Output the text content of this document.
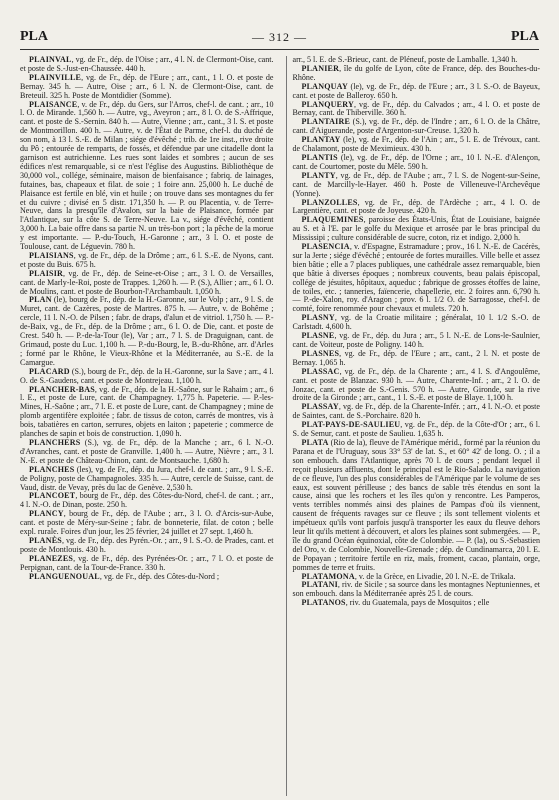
PLA	— 312 —	PLA

PLAINVAL, vg. de Fr., dép. de l'Oise ; arr., 4 l. N. de Clermont-Oise, cant. et poste de S.-Just-en-Chaussée. 440 h.

PLAINVILLE, vg. de Fr., dép. de l'Eure ; arr., cant., 1 l. O. et poste de Bernay. 345 h. — Autre, Oise ; arr., 6 l. N. de Clermont-Oise, cant. de Breteuil. 325 h. Poste de Montdidier (Somme).

PLAISANCE, v. de Fr., dép. du Gers, sur l'Arros, chef-l. de cant. ; arr., 10 l. O. de Mirande. 1,560 h. — Autre, vg., Aveyron ; arr., 8 l. O. de S.-Affrique, cant. et poste de S.-Sernin. 840 h. — Autre, Vienne ; arr., cant., 3 l. S. et poste de Montmorillon. 400 h. — Autre, v. de l'État de Parme, chef-l. du duché de son nom, à 13 l. S.-E. de Milan ; siége d'évêché ; trib. de 1re inst., rive droite du Pô ; entourée de remparts, de fossés, et défendue par une citadelle dont la garnison est autrichienne. Les rues sont laides et sombres ; aucun de ses édifices n'est remarquable, si ce n'est l'église des Augustins. Bibliothèque de 30,000 vol., collége, séminaire, maison de bienfaisance ; fabriq. de lainages, futaines, bas, chapeaux et filat. de soie ; 1 foire ann. 25,000 h. Le duché de Plaisance est fertile en blé, vin et huile ; on trouve dans ses montagnes du fer et du cuivre ; divisé en 5 distr. 171,350 h. — P. ou Placentia, v. de Terre-Neuve, dans la presqu'île d'Avalon, sur la baie de Plaisance, formée par l'Atlantique, sur la côte S. de Terre-Neuve. La v., siége d'évêché, contient 3,000 h. La baie offre dans sa partie N. un très-bon port ; la pêche de la morue y est importante. — P.-du-Touch, H.-Garonne ; arr., 3 l. O. et poste de Toulouse, cant. de Léguevin. 780 h.

PLAISIANS, vg. de Fr., dép. de la Drôme ; arr., 6 l. S.-E. de Nyons, cant. et poste du Buis. 675 h.

PLAISIR, vg. de Fr., dép. de Seine-et-Oise ; arr., 3 l. O. de Versailles, cant. de Marly-le-Roi, poste de Trappes. 1,260 h. — P. (S.), Allier ; arr., 6 l. O. de Moulins, cant. et poste de Bourbon-l'Archambault. 1,050 h.

PLAN (le), bourg de Fr., dép. de la H.-Garonne, sur le Volp ; arr., 9 l. S. de Muret, cant. de Cazères, poste de Martres. 875 h. — Autre, v. de Bohême ; cercle, 11 l. N.-O. de Pilsen ; fabr. de draps, d'alun et de vitriol. 1,750 h. — P.-de-Baix, vg., de Fr., dép. de la Drôme ; arr., 6 l. O. de Die, cant. et poste de Crest. 540 h. — P.-de-la-Tour (le), Var ; arr., 7 l. S. de Draguignan, cant. de Grimaud, poste du Luc. 1,100 h. — P.-du-Bourg, le, B.-du-Rhône, arr. d'Arles ; formé par le Rhône, le Vieux-Rhône et la Méditerranée, au S.-E. de la Camargue.

PLACARD (S.), bourg de Fr., dép. de la H.-Garonne, sur la Save ; arr., 4 l. O. de S.-Gaudens, cant. et poste de Montrejeau. 1,100 h.

PLANCHER-BAS, vg. de Fr., dép. de la H.-Saône, sur le Rahaim ; arr., 6 l. E., et poste de Lure, cant. de Champagney. 1,775 h. Papeterie. — P.-les-Mines, H.-Saône ; arr., 7 l. E. et poste de Lure, cant. de Champagney ; mine de plomb argentifère exploitée ; fabr. de tissus de coton, carrés de montres, vis à bois, tabatières en carton, serrures, objets en laiton ; papeterie ; commerce de planches de sapin et bois de construction. 1,090 h.

PLANCHERS (S.), vg. de Fr., dép. de la Manche ; arr., 6 l. N.-O. d'Avranches, cant. et poste de Granville. 1,400 h. — Autre, Nièvre ; arr., 3 l. N.-E. et poste de Château-Chinon, cant. de Montsauche. 1,680 h.

PLANCHES (les), vg. de Fr., dép. du Jura, chef-l. de cant. ; arr., 9 l. S.-E. de Poligny, poste de Champagnoles. 335 h. — Autre, cercle de Suisse, cant. de Vaud, distr. de Vevay, près du lac de Genève. 2,530 h.

PLANCOET, bourg de Fr., dép. des Côtes-du-Nord, chef-l. de cant. ; arr., 4 l. N.-O. de Dinan, poste. 250 h.

PLANCY, bourg de Fr., dép. de l'Aube ; arr., 3 l. O. d'Arcis-sur-Aube, cant. et poste de Méry-sur-Seine ; fabr. de bonneterie, filat. de coton ; belle expl. rurale. Foires d'un jour, les 25 février, 24 juillet et 27 sept. 1,460 h.

PLANÈS, vg. de Fr., dép. des Pyrén.-Or. ; arr., 9 l. S.-O. de Prades, cant. et poste de Montlouis. 430 h.

PLANEZES, vg. de Fr., dép. des Pyrénées-Or. ; arr., 7 l. O. et poste de Perpignan, cant. de la Tour-de-France. 330 h.

PLANGUENOUAL, vg. de Fr., dép. des Côtes-du-Nord ;

arr., 5 l. E. de S.-Brieuc, cant. de Pléneuf, poste de Lamballe. 1,340 h.

PLANIER, île du golfe de Lyon, côte de France, dép. des Bouches-du-Rhône.

PLANQUAY (le), vg. de Fr., dép. de l'Eure ; arr., 3 l. S.-O. de Bayeux, cant. et poste de Balleroy. 650 h.

PLANQUERY, vg. de Fr., dép. du Calvados ; arr., 4 l. O. et poste de Bernay, cant. de Thiberville. 360 h.

PLANTAIRE (S.), vg. de Fr., dép. de l'Indre ; arr., 6 l. O. de la Châtre, cant. d'Aiguerande, poste d'Argenton-sur-Creuse. 1,320 h.

PLANTAY (le), vg. de Fr., dép. de l'Ain ; arr., 5 l. E. de Trévoux, cant. de Chalamont, poste de Meximieux. 430 h.

PLANTIS (le), vg. de Fr., dép. de l'Orne ; arr., 10 l. N.-E. d'Alençon, cant. de Courtomer, poste du Mêle. 590 h.

PLANTY, vg. de Fr., dép. de l'Aube ; arr., 7 l. S. de Nogent-sur-Seine, cant. de Marcilly-le-Hayer. 460 h. Poste de Villeneuve-l'Archevêque (Yonne).

PLANZOLLES, vg. de Fr., dép. de l'Ardèche ; arr., 4 l. O. de Largentière, cant. et poste de Joyeuse. 420 h.

PLAQUEMINES, paroisse des États-Unis, État de Louisiane, baignée au S. et à l'E. par le golfe du Mexique et arrosée par le bras principal du Mississipi ; culture considérable de sucre, coton, riz et indigo. 2,000 h.

PLASENCIA, v. d'Espagne, Estramadure ; prov., 16 l. N.-E. de Cacérès, sur la Jerte ; siége d'évêché ; entourée de fortes murailles. Ville belle et assez bien bâtie ; elle a 7 places publiques, une cathédrale assez remarquable, bien que bâtie à diverses époques ; nombreux couvents, beau palais épiscopal, collége de jésuites, hôpitaux, aqueduc ; fabrique de grosses étoffes de laine, de toiles, etc. ; tanneries, faïencerie, chapellerie, etc. 2 foires ann. 6,790 h. — P.-de-Xalon, roy. d'Aragon ; prov. 6 l. 1/2 O. de Sarragosse, chef-l. de comté, foire renommée pour chevaux et mulets. 720 h.

PLASNY, vg. de la Croatie militaire ; généralat, 10 l. 1/2 S.-O. de Carlstadt. 4,600 h.

PLASNE, vg. de Fr., dép. du Jura ; arr., 5 l. N.-E. de Lons-le-Saulnier, cant. de Voiteur, poste de Poligny. 140 h.

PLASNES, vg. de Fr., dép. de l'Eure ; arr., cant., 2 l. N. et poste de Bernay. 1,065 h.

PLASSAC, vg. de Fr., dép. de la Charente ; arr., 4 l. S. d'Angoulême, cant. et poste de Blanzac. 930 h. — Autre, Charente-Inf. ; arr., 2 l. O. de Jonzac, cant. et poste de S.-Genis. 570 h. — Autre, Gironde, sur la rive droite de la Gironde ; arr., cant., 1 l. S.-E. et poste de Blaye. 1,100 h.

PLASSAY, vg. de Fr., dép. de la Charente-Infér. ; arr., 4 l. N.-O. et poste de Saintes, cant. de S.-Porchaire. 820 h.

PLAT-PAYS-DE-SAULIEU, vg. de Fr., dép. de la Côte-d'Or ; arr., 6 l. S. de Semur, cant. et poste de Saulieu. 1,635 h.

PLATA (Rio de la), fleuve de l'Amérique mérid., formé par la réunion du Parana et de l'Uruguay, sous 33° 53' de lat. S., et 60° 42' de long. O. ; il a son embouch. dans l'Atlantique, après 70 l. de cours ; pendant lequel il reçoit plusieurs affluents, dont le principal est le Rio-Salado. La navigation de ce fleuve, l'un des plus considérables de l'Amérique par le volume de ses eaux, est souvent périlleuse ; des bancs de sable très étendus en sont la cause, ainsi que les rochers et les îles qu'on y rencontre. Les Pamperos, vents terribles nommés ainsi des plaines de Pampas d'où ils viennent, causent de fréquents ravages sur ce fleuve ; ils sont tellement violents et impétueux qu'ils vont parfois jusqu'à transporter les eaux du fleuve dehors leur lit qu'ils mettent à découvert, et alors les plaines sont submergées. — P., île du grand Océan équinoxial, côte de Colombie. — P. (la), ou S.-Sebastien del Oro, v. de Colombie, Nouvelle-Grenade ; dép. de Cundinamarca, 20 l. E. de Popayan ; territoire fertile en riz, maïs, froment, cacao, plantain, orge, pommes de terre et fruits.

PLATAMONA, v. de la Grèce, en Livadie, 20 l. N.-E. de Trikala.

PLATANI, riv. de Sicile ; sa source dans les montagnes Neptuniennes, et son embouch. dans la Méditerranée après 25 l. de cours.

PLATANOS, riv. du Guatemala, pays de Mosquitos ; elle
